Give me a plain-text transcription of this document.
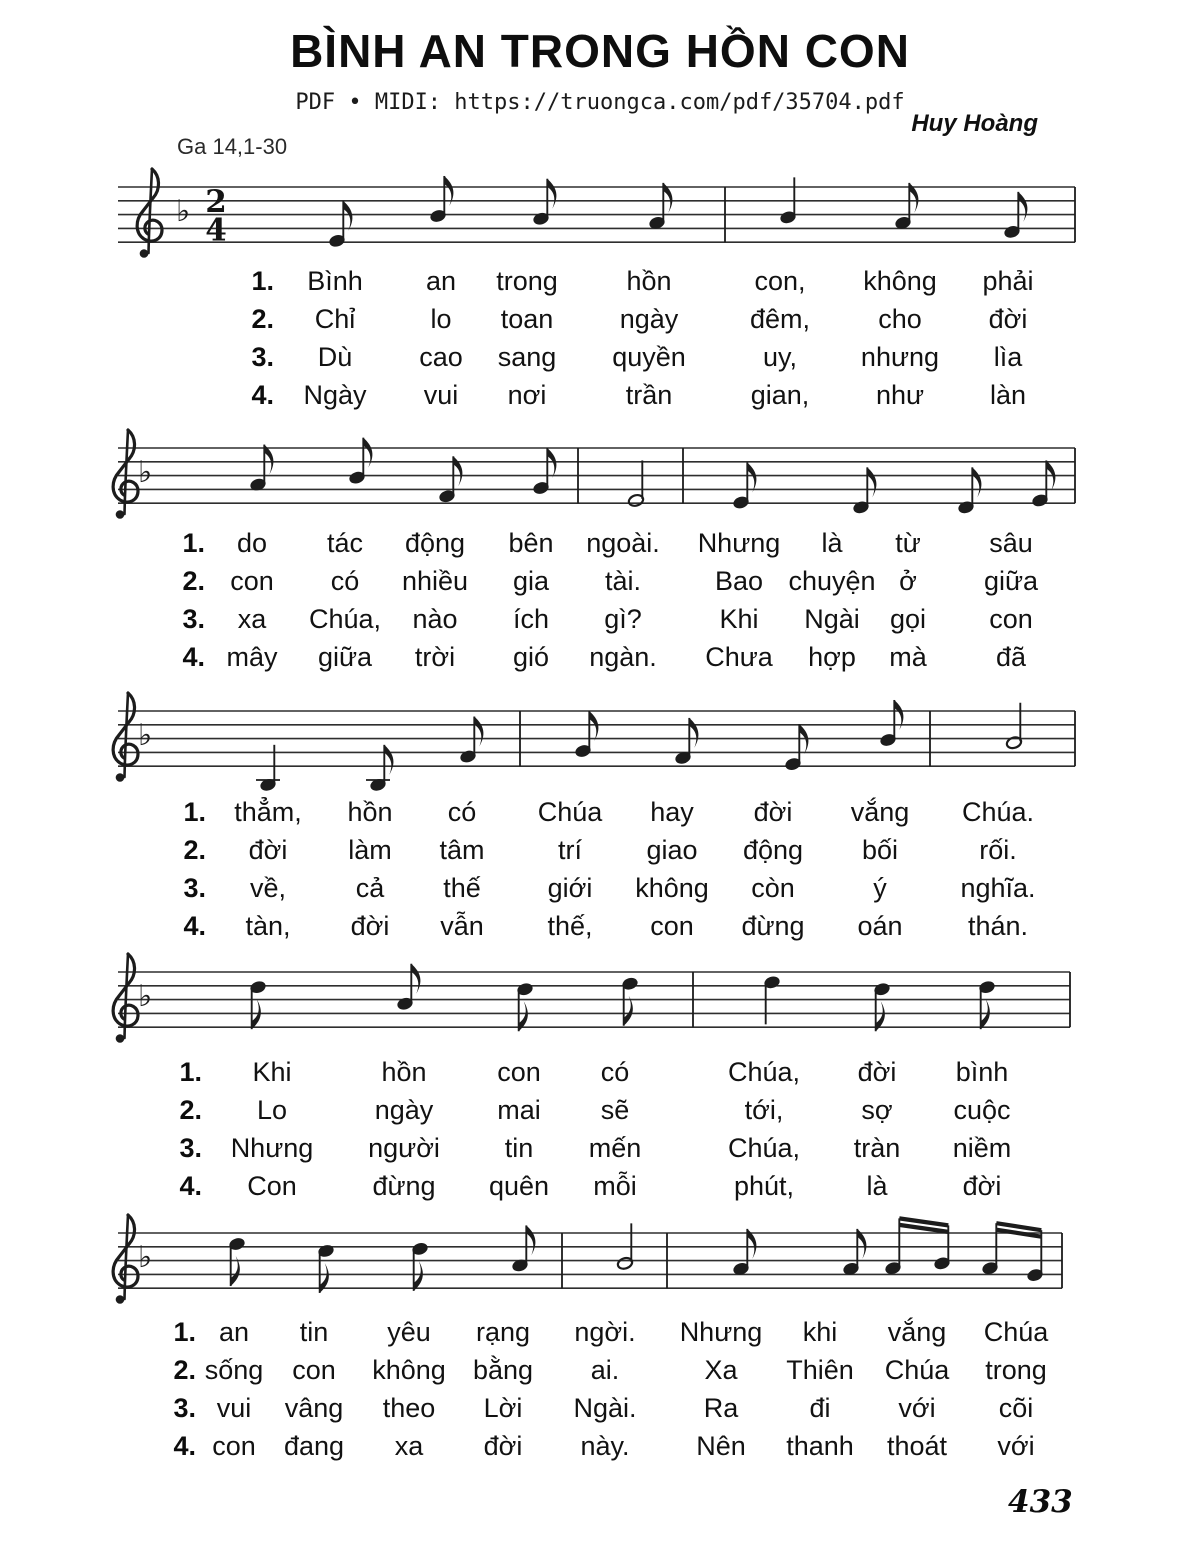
BÌNH AN TRONG HỒN CON
PDF • MIDI: https://truongca.com/pdf/35704.pdf
Huy Hoàng
Ga 14,1-30
♭ 2
4
♭
♭
♭
♭
1. Bình an trong	hồn	con, không phải
2. Chỉ	lo toan ngày	đêm,	cho đời
3. Dù cao sang quyền	uy, nhưng lìa
4. Ngày vui nơi	trần	gian, như làn
1. do tác động bên ngoài. Nhưng là từ	sâu
2. con có nhiều gia tài.	Bao chuyện ở giữa
3. xa Chúa, nào ích gì?	Khi Ngài gọi con
4. mây giữa trời gió ngàn. Chưa hợp mà	đã
1. thẳm, hồn có Chúa hay đời vắng Chúa.
2. đời làm tâm	trí giao động bối	rối.
3. về,	cả thế giới không còn	ý	nghĩa.
4. tàn, đời vẫn thế, con đừng oán thán.
1. Khi	hồn	con có	Chúa, đời bình
2. Lo	ngày mai sẽ	tới,	sợ cuộc
3. Nhưng người tin mến	Chúa, tràn niềm
4. Con	đừng quên mỗi	phút,	là	đời
1. an tin yêu rạng ngời. Nhưng khi vắng Chúa
2. sống con không bằng ai.	Xa Thiên Chúa trong
3. vui vâng theo Lời Ngài. Ra	đi	với cõi
4. con đang xa đời này. Nên thanh thoát với
433
